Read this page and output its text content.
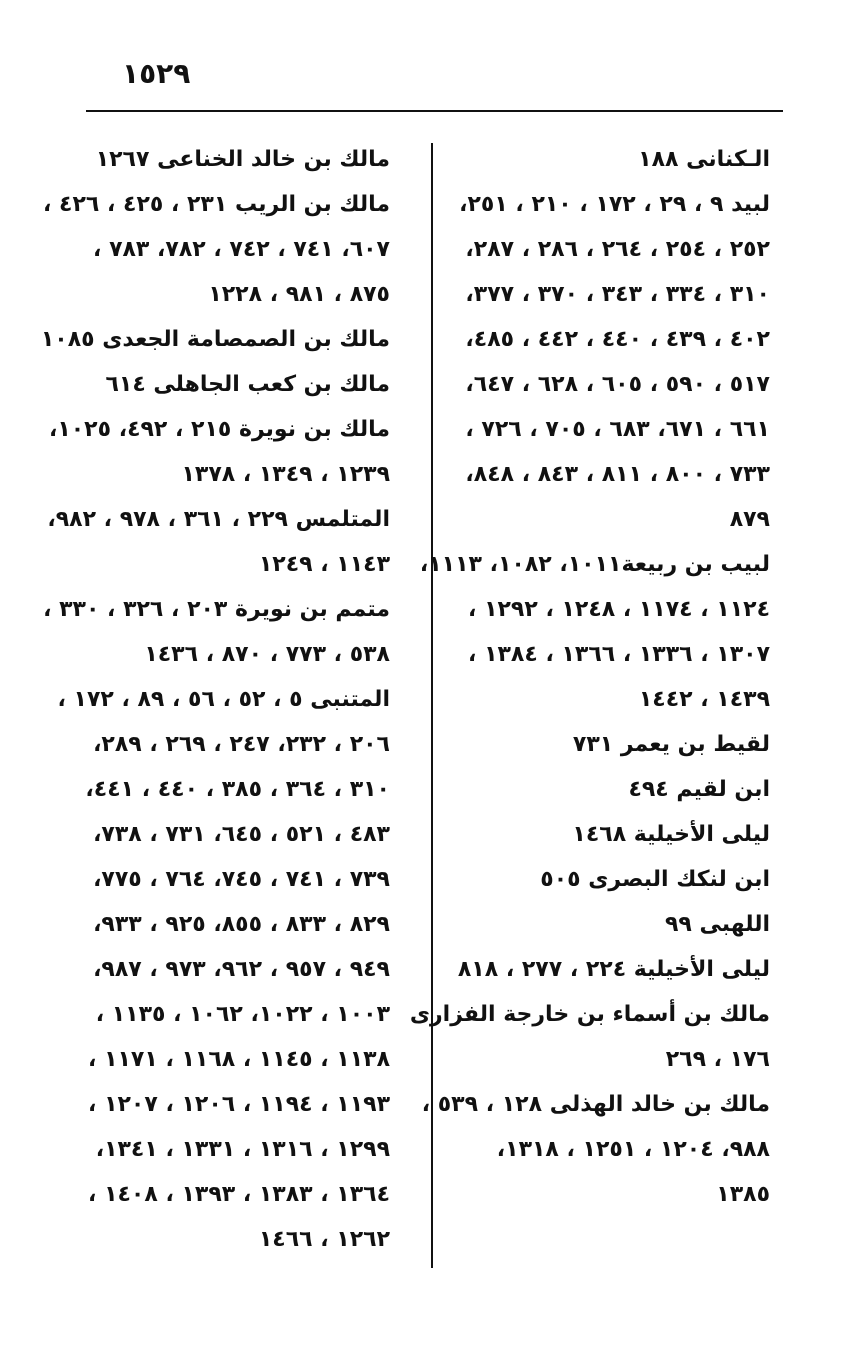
١٥٢٩
الـكنانى ١٨٨
لبيد ٩ ، ٢٩ ، ١٧٢ ، ٢١٠ ، ٢٥١،
٢٥٢ ، ٢٥٤ ، ٢٦٤ ، ٢٨٦ ، ٢٨٧،
٣١٠ ، ٣٣٤ ، ٣٤٣ ، ٣٧٠ ، ٣٧٧،
٤٠٢ ، ٤٣٩ ، ٤٤٠ ، ٤٤٢ ، ٤٨٥،
٥١٧ ، ٥٩٠ ، ٦٠٥ ، ٦٢٨ ، ٦٤٧،
٦٦١ ، ٦٧١، ٦٨٣ ، ٧٠٥ ، ٧٢٦ ،
٧٣٣ ، ٨٠٠ ، ٨١١ ، ٨٤٣ ، ٨٤٨،
٨٧٩
لبيب بن ربيعة١٠١١، ١٠٨٢، ١١١٣،
١١٢٤ ، ١١٧٤ ، ١٢٤٨ ، ١٢٩٢ ،
١٣٠٧ ، ١٣٣٦ ، ١٣٦٦ ، ١٣٨٤ ،
١٤٣٩ ، ١٤٤٢
لقيط بن يعمر ٧٣١
ابن لقيم ٤٩٤
ليلى الأخيلية ١٤٦٨
ابن لنكك البصرى ٥٠٥
اللهبى ٩٩
ليلى الأخيلية ٢٢٤ ، ٢٧٧ ، ٨١٨
مالك بن أسماء بن خارجة الفزارى
١٧٦ ، ٢٦٩
مالك بن خالد الهذلى ١٢٨ ، ٥٣٩ ،
٩٨٨، ١٢٠٤ ، ١٢٥١ ، ١٣١٨،
١٣٨٥
مالك بن خالد الخناعى ١٢٦٧
مالك بن الريب ٢٣١ ، ٤٢٥ ، ٤٢٦ ،
٦٠٧، ٧٤١ ، ٧٤٢ ، ٧٨٢، ٧٨٣ ،
٨٧٥ ، ٩٨١ ، ١٢٢٨
مالك بن الصمصامة الجعدى ١٠٨٥
مالك بن كعب الجاهلى ٦١٤
مالك بن نويرة ٢١٥ ، ٤٩٢، ١٠٢٥،
١٢٣٩ ، ١٣٤٩ ، ١٣٧٨
المتلمس ٢٢٩ ، ٣٦١ ، ٩٧٨ ، ٩٨٢،
١١٤٣ ، ١٢٤٩
متمم بن نويرة ٢٠٣ ، ٣٢٦ ، ٣٣٠ ،
٥٣٨ ، ٧٧٣ ، ٨٧٠ ، ١٤٣٦
المتنبى ٥ ، ٥٢ ، ٥٦ ، ٨٩ ، ١٧٢ ،
٢٠٦ ، ٢٣٢، ٢٤٧ ، ٢٦٩ ، ٢٨٩،
٣١٠ ، ٣٦٤ ، ٣٨٥ ، ٤٤٠ ، ٤٤١،
٤٨٣ ، ٥٢١ ، ٦٤٥، ٧٣١ ، ٧٣٨،
٧٣٩ ، ٧٤١ ، ٧٤٥، ٧٦٤ ، ٧٧٥،
٨٢٩ ، ٨٣٣ ، ٨٥٥، ٩٢٥ ، ٩٣٣،
٩٤٩ ، ٩٥٧ ، ٩٦٢، ٩٧٣ ، ٩٨٧،
١٠٠٣ ، ١٠٢٢، ١٠٦٢ ، ١١٣٥ ،
١١٣٨ ، ١١٤٥ ، ١١٦٨ ، ١١٧١ ،
١١٩٣ ، ١١٩٤ ، ١٢٠٦ ، ١٢٠٧ ،
١٢٩٩ ، ١٣١٦ ، ١٣٣١ ، ١٣٤١،
١٣٦٤ ، ١٣٨٣ ، ١٣٩٣ ، ١٤٠٨ ،
١٢٦٢ ، ١٤٦٦
